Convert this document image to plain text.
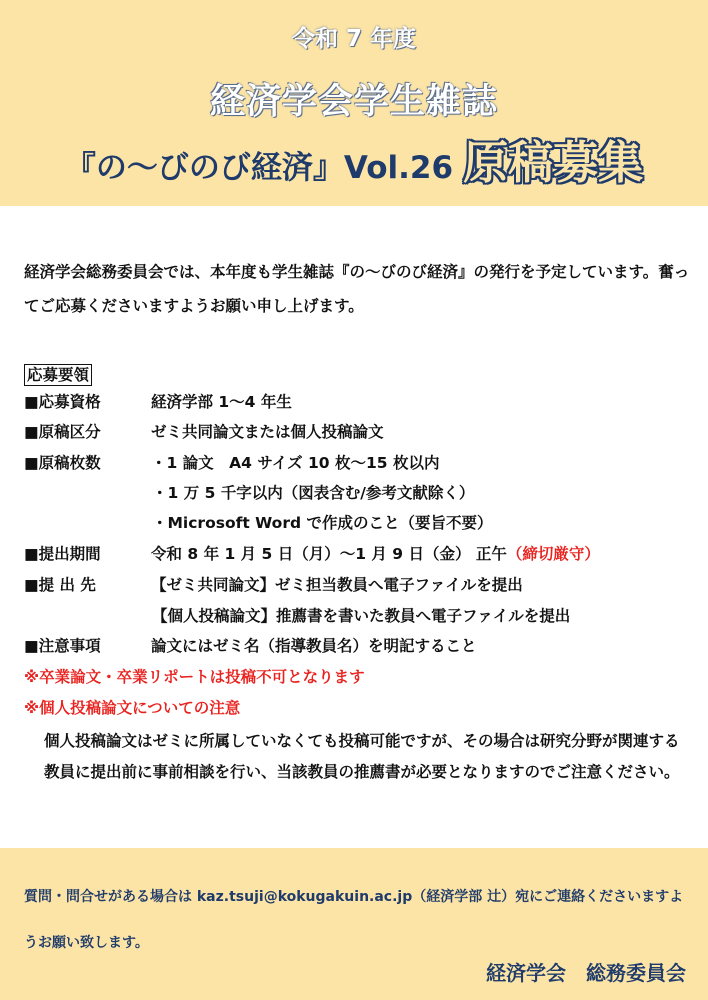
令和 7 年度
経済学会学生雑誌
『の〜びのび経済』Vol.26 原稿募集
経済学会総務委員会では、本年度も学生雑誌『の〜びのび経済』の発行を予定しています。奮ってご応募くださいますようお願い申し上げます。
応募要領
■応募資格	経済学部 1〜4 年生
■原稿区分	ゼミ共同論文または個人投稿論文
■原稿枚数	・1 論文　A4 サイズ 10 枚〜15 枚以内
・1 万 5 千字以内（図表含む/参考文献除く）
・Microsoft Word で作成のこと（要旨不要）
■提出期間	令和 8 年 1 月 5 日（月）〜1 月 9 日（金） 正午（締切厳守）
■提 出 先	【ゼミ共同論文】ゼミ担当教員へ電子ファイルを提出
【個人投稿論文】推薦書を書いた教員へ電子ファイルを提出
■注意事項	論文にはゼミ名（指導教員名）を明記すること
※卒業論文・卒業リポートは投稿不可となります
※個人投稿論文についての注意
個人投稿論文はゼミに所属していなくても投稿可能ですが、その場合は研究分野が関連する教員に提出前に事前相談を行い、当該教員の推薦書が必要となりますのでご注意ください。
質問・問合せがある場合は kaz.tsuji@kokugakuin.ac.jp（経済学部 辻）宛にご連絡くださいますようお願い致します。
経済学会　総務委員会
